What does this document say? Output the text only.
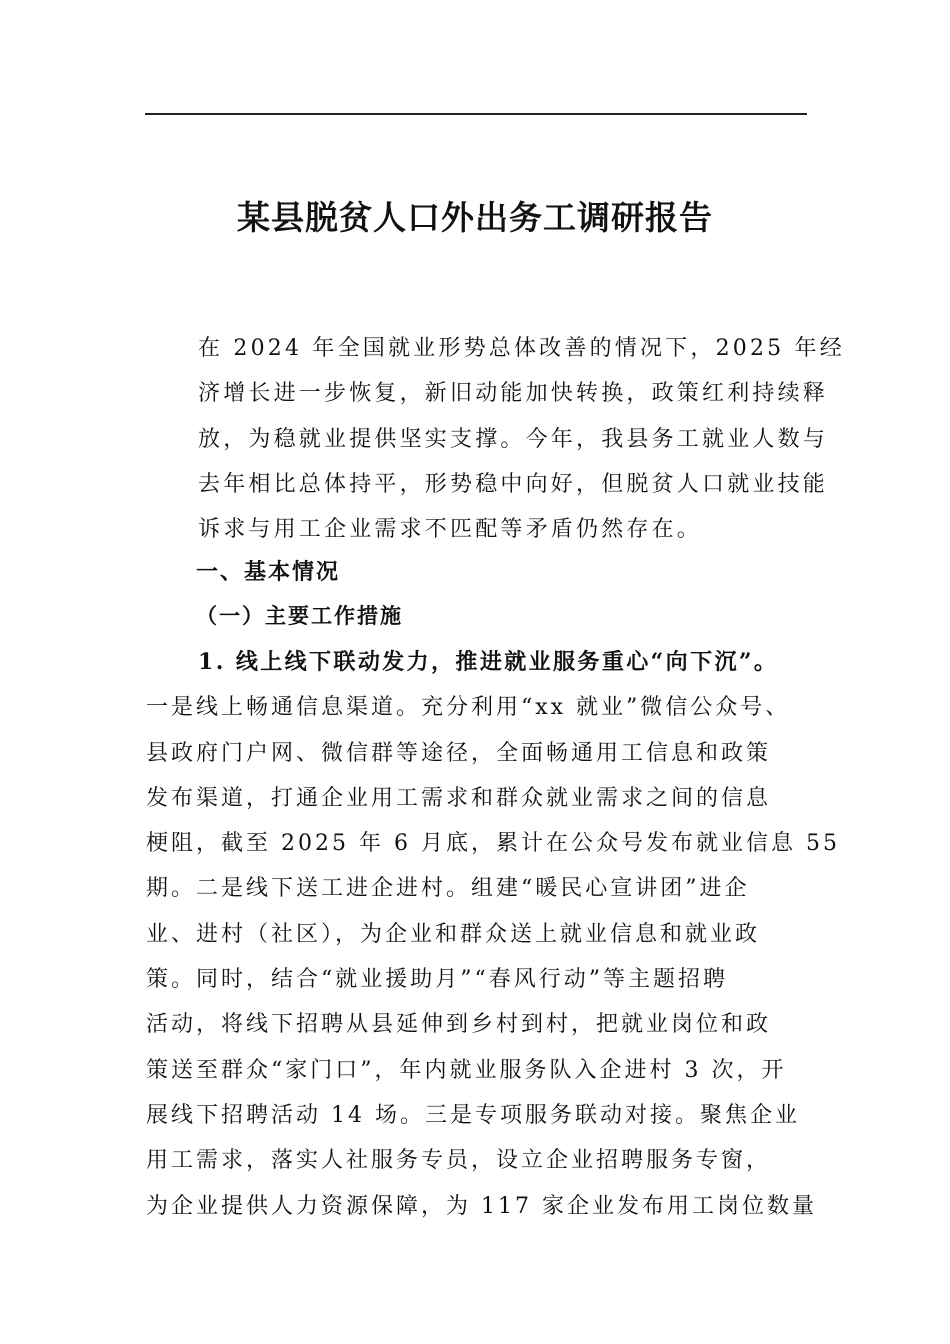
某县脱贫人口外出务工调研报告
在 2024 年全国就业形势总体改善的情况下，2025 年经
济增长进一步恢复，新旧动能加快转换，政策红利持续释
放，为稳就业提供坚实支撑。今年，我县务工就业人数与
去年相比总体持平，形势稳中向好，但脱贫人口就业技能
诉求与用工企业需求不匹配等矛盾仍然存在。
一、基本情况
（一）主要工作措施
1. 线上线下联动发力，推进就业服务重心“向下沉”。
一是线上畅通信息渠道。充分利用“xx 就业”微信公众号、
县政府门户网、微信群等途径，全面畅通用工信息和政策
发布渠道，打通企业用工需求和群众就业需求之间的信息
梗阻，截至 2025 年 6 月底，累计在公众号发布就业信息 55
期。二是线下送工进企进村。组建“暖民心宣讲团”进企
业、进村（社区），为企业和群众送上就业信息和就业政
策。同时，结合“就业援助月”“春风行动”等主题招聘
活动，将线下招聘从县延伸到乡村到村，把就业岗位和政
策送至群众“家门口”，年内就业服务队入企进村 3 次，开
展线下招聘活动 14 场。三是专项服务联动对接。聚焦企业
用工需求，落实人社服务专员，设立企业招聘服务专窗，
为企业提供人力资源保障，为 117 家企业发布用工岗位数量
